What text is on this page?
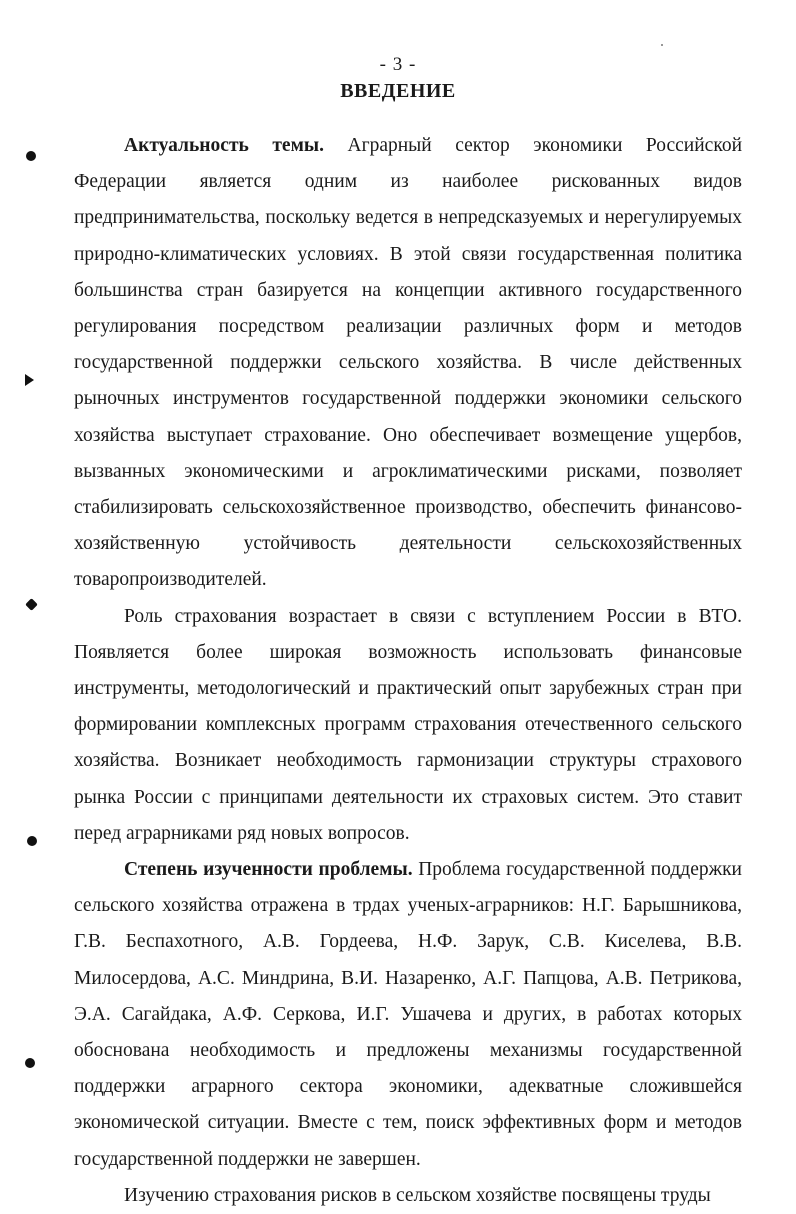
- 3 -
ВВЕДЕНИЕ

Актуальность темы. Аграрный сектор экономики Российской Федерации является одним из наиболее рискованных видов предпринимательства, поскольку ведется в непредсказуемых и нерегулируемых природно-климатических условиях. В этой связи государственная политика большинства стран базируется на концепции активного государственного регулирования посредством реализации различных форм и методов государственной поддержки сельского хозяйства. В числе действенных рыночных инструментов государственной поддержки экономики сельского хозяйства выступает страхование. Оно обеспечивает возмещение ущербов, вызванных экономическими и агроклиматическими рисками, позволяет стабилизировать сельскохозяйственное производство, обеспечить финансово-хозяйственную устойчивость деятельности сельскохозяйственных товаропроизводителей.

Роль страхования возрастает в связи с вступлением России в ВТО. Появляется более широкая возможность использовать финансовые инструменты, методологический и практический опыт зарубежных стран при формировании комплексных программ страхования отечественного сельского хозяйства. Возникает необходимость гармонизации структуры страхового рынка России с принципами деятельности их страховых систем. Это ставит перед аграрниками ряд новых вопросов.

Степень изученности проблемы. Проблема государственной поддержки сельского хозяйства отражена в трдах ученых-аграрников: Н.Г. Барышникова, Г.В. Беспахотного, А.В. Гордеева, Н.Ф. Зарук, С.В. Киселева, В.В. Милосердова, А.С. Миндрина, В.И. Назаренко, А.Г. Папцова, А.В. Петрикова, Э.А. Сагайдака, А.Ф. Серкова, И.Г. Ушачева и других, в работах которых обоснована необходимость и предложены механизмы государственной поддержки аграрного сектора экономики, адекватные сложившейся экономической ситуации. Вместе с тем, поиск эффективных форм и методов государственной поддержки не завершен.

Изучению страхования рисков в сельском хозяйстве посвящены труды
